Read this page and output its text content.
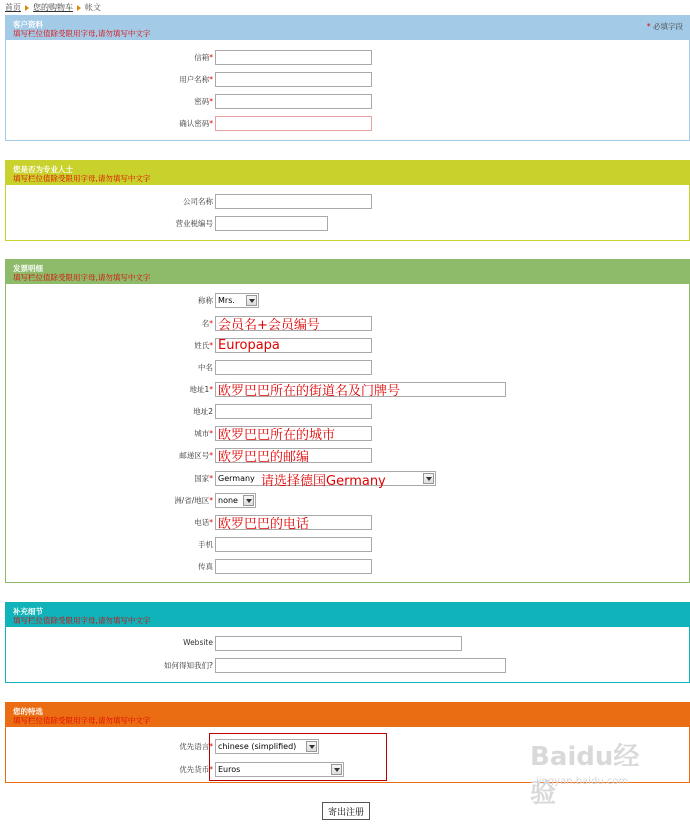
首页 您的购物车 帐文
客户资料
填写栏位值除受限用字母,请勿填写中文字
* 必填字段
信箱*
用户名称*
密码*
确认密码*
您是否为专业人士
填写栏位值除受限用字母,请勿填写中文字
公司名称
营业税编号
发票明细
填写栏位值除受限用字母,请勿填写中文字
称称 Mrs.
名*
会员名+会员编号
姓氏*
Europapa
中名
地址1*
欧罗巴巴所在的街道名及门牌号
地址2
城市*
欧罗巴巴所在的城市
邮递区号*
欧罗巴巴的邮编
国家* Germany 请选择德国Germany
洲/省/地区* none
电话*
欧罗巴巴的电话
手机
传真
补充细节
填写栏位值除受限用字母,请勿填写中文字
Website
如何得知我们?
您的特选
填写栏位值除受限用字母,请勿填写中文字
优先语言* chinese (simplified)
优先货币* Euros	Baidu经验
jingyan.baidu.com
寄出注册
